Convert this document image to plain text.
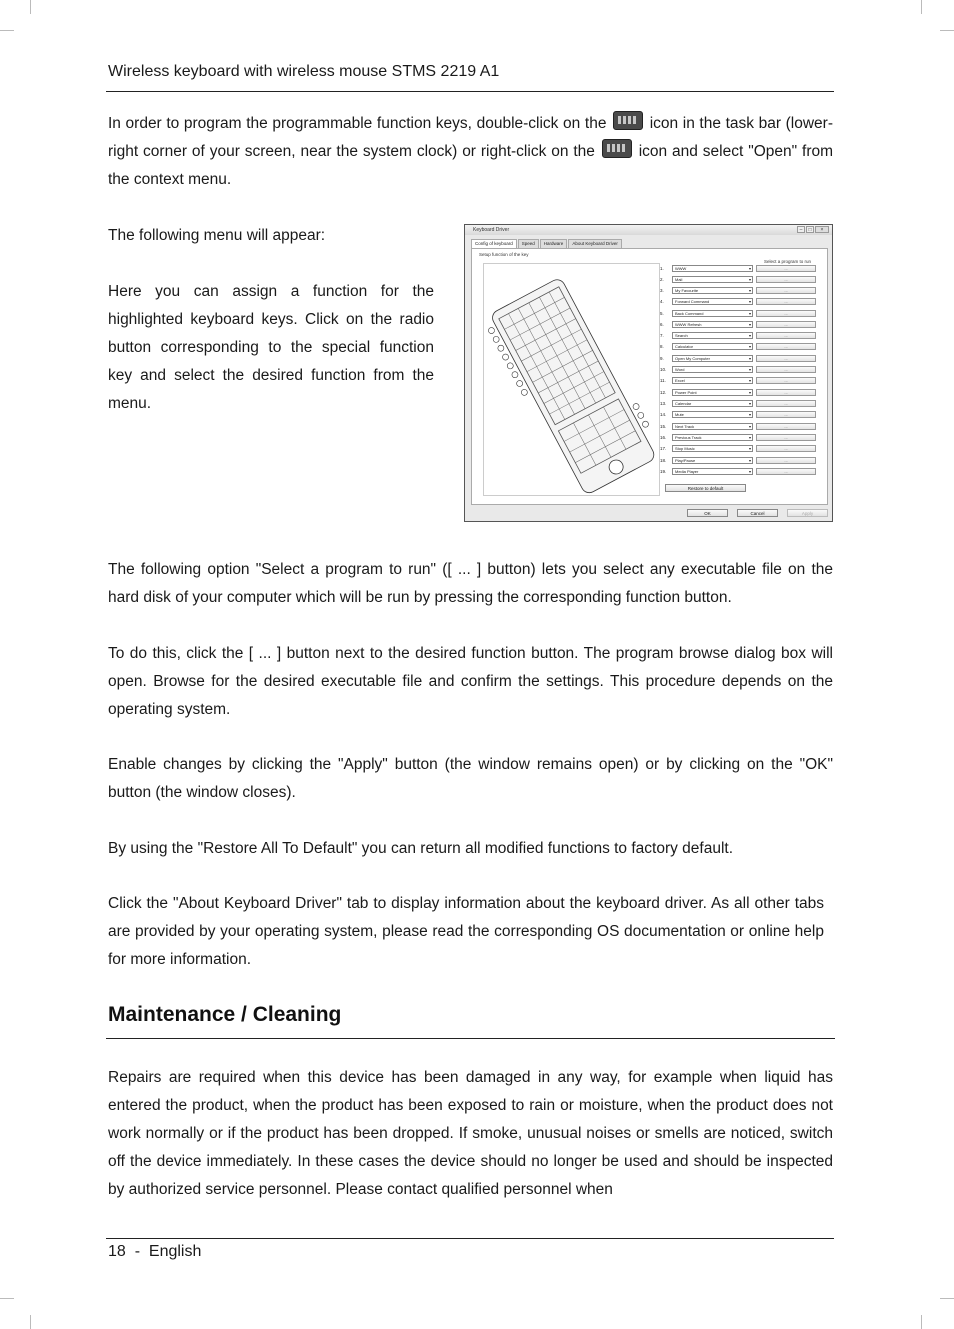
Wireless keyboard with wireless mouse STMS 2219 A1
In order to program the programmable function keys, double-click on the	icon in the task bar (lower-right corner of your screen, near the system clock) or right-click on the	icon and select "Open" from the context menu.
The following menu will appear:
Here you can assign a function for the highlighted keyboard keys. Click on the radio button corresponding to the special function key and select the desired function from the menu.
Keyboard Driver	–	□	×
Config of keyboard	Speed	Hardware	About Keyboard Driver
Setup function of the key
Select a program to run
1.	WWW ▾	...
2.	Mail ▾	...
3.	My Favourite ▾	...
4.	Forward Command ▾	...
5.	Back Command ▾	...
6.	WWW Refresh ▾	...
7.	Search ▾	...
8.	Calculator ▾	...
9.	Open My Computer ▾	...
10.	Word ▾	...
11.	Excel ▾	...
12.	Power Point ▾	...
13.	Calendar ▾	...
14.	Mute ▾	...
15.	Next Track ▾	...
16.	Previous Track ▾	...
17.	Stop Music ▾	...
18.	Play/Pause ▾	...
19.	Media Player ▾	...
Restore to default
OK	Cancel	Apply
The following option "Select a program to run" ([ ... ] button) lets you select any executable file on the hard disk of your computer which will be run by pressing the corresponding function button.
To do this, click the [ ... ] button next to the desired function button. The program browse dialog box will open. Browse for the desired executable file and confirm the settings. This procedure depends on the operating system.
Enable changes by clicking the "Apply" button (the window remains open) or by clicking on the "OK" button (the window closes).
By using the "Restore All To Default" you can return all modified functions to factory default.
Click the "About Keyboard Driver" tab to display information about the keyboard driver. As all other tabs are provided by your operating system, please read the corresponding OS documentation or online help for more information.
Maintenance / Cleaning
Repairs are required when this device has been damaged in any way, for example when liquid has entered the product, when the product has been exposed to rain or moisture, when the product does not work normally or if the product has been dropped. If smoke, unusual noises or smells are noticed, switch off the device immediately. In these cases the device should no longer be used and should be inspected by authorized service personnel. Please contact qualified personnel when
18 - English
